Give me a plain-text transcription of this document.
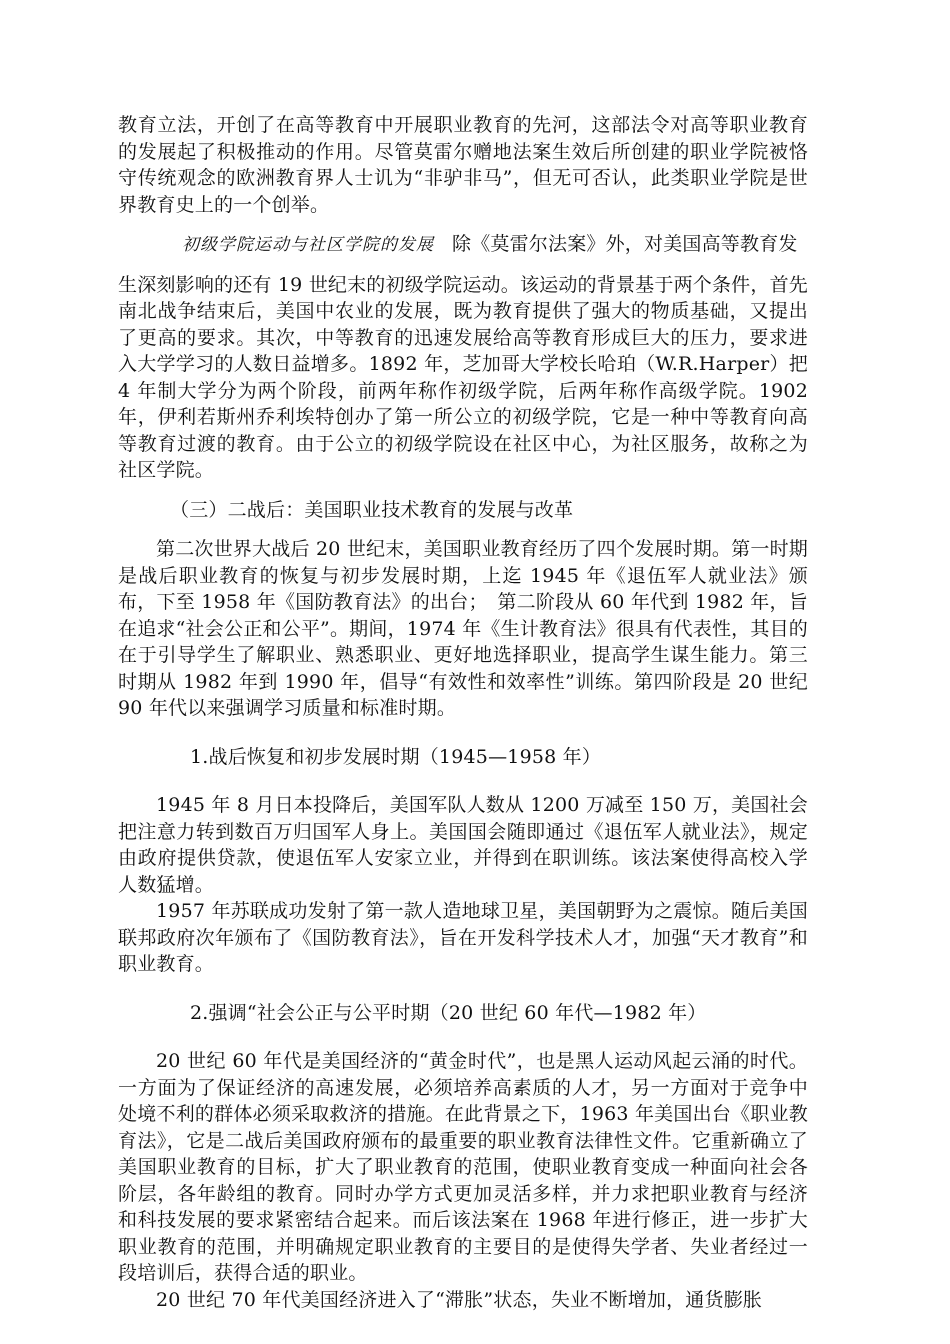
教育立法，开创了在高等教育中开展职业教育的先河，这部法令对高等职业教育的发展起了积极推动的作用。尽管莫雷尔赠地法案生效后所创建的职业学院被恪守传统观念的欧洲教育界人士讥为“非驴非马”，但无可否认，此类职业学院是世界教育史上的一个创举。

初级学院运动与社区学院的发展 除《莫雷尔法案》外，对美国高等教育发

生深刻影响的还有 19 世纪末的初级学院运动。该运动的背景基于两个条件，首先南北战争结束后，美国中农业的发展，既为教育提供了强大的物质基础，又提出了更高的要求。其次，中等教育的迅速发展给高等教育形成巨大的压力，要求进入大学学习的人数日益增多。1892 年，芝加哥大学校长哈珀（W.R.Harper）把 4 年制大学分为两个阶段，前两年称作初级学院，后两年称作高级学院。1902年，伊利若斯州乔利埃特创办了第一所公立的初级学院，它是一种中等教育向高等教育过渡的教育。由于公立的初级学院设在社区中心，为社区服务，故称之为社区学院。

（三）二战后：美国职业技术教育的发展与改革

第二次世界大战后 20 世纪末，美国职业教育经历了四个发展时期。第一时期是战后职业教育的恢复与初步发展时期，上迄 1945 年《退伍军人就业法》颁布，下至 1958 年《国防教育法》的出台；　第二阶段从 60 年代到 1982 年，旨在追求“社会公正和公平”。期间，1974 年《生计教育法》很具有代表性，其目的在于引导学生了解职业、熟悉职业、更好地选择职业，提高学生谋生能力。第三时期从 1982 年到 1990 年，倡导“有效性和效率性”训练。第四阶段是 20 世纪 90 年代以来强调学习质量和标准时期。

1.战后恢复和初步发展时期（1945—1958 年）

1945 年 8 月日本投降后，美国军队人数从 1200 万减至 150 万，美国社会把注意力转到数百万归国军人身上。美国国会随即通过《退伍军人就业法》，规定由政府提供贷款，使退伍军人安家立业，并得到在职训练。该法案使得高校入学人数猛增。

1957 年苏联成功发射了第一款人造地球卫星，美国朝野为之震惊。随后美国联邦政府次年颁布了《国防教育法》，旨在开发科学技术人才，加强“天才教育”和职业教育。

2.强调“社会公正与公平时期（20 世纪 60 年代—1982 年）

20 世纪 60 年代是美国经济的“黄金时代”，也是黑人运动风起云涌的时代。一方面为了保证经济的高速发展，必须培养高素质的人才，另一方面对于竞争中处境不利的群体必须采取救济的措施。在此背景之下，1963 年美国出台《职业教育法》，它是二战后美国政府颁布的最重要的职业教育法律性文件。它重新确立了美国职业教育的目标，扩大了职业教育的范围，使职业教育变成一种面向社会各阶层，各年龄组的教育。同时办学方式更加灵活多样，并力求把职业教育与经济和科技发展的要求紧密结合起来。而后该法案在 1968 年进行修正，进一步扩大职业教育的范围，并明确规定职业教育的主要目的是使得失学者、失业者经过一段培训后，获得合适的职业。

20 世纪 70 年代美国经济进入了“滞胀”状态，失业不断增加，通货膨胀
